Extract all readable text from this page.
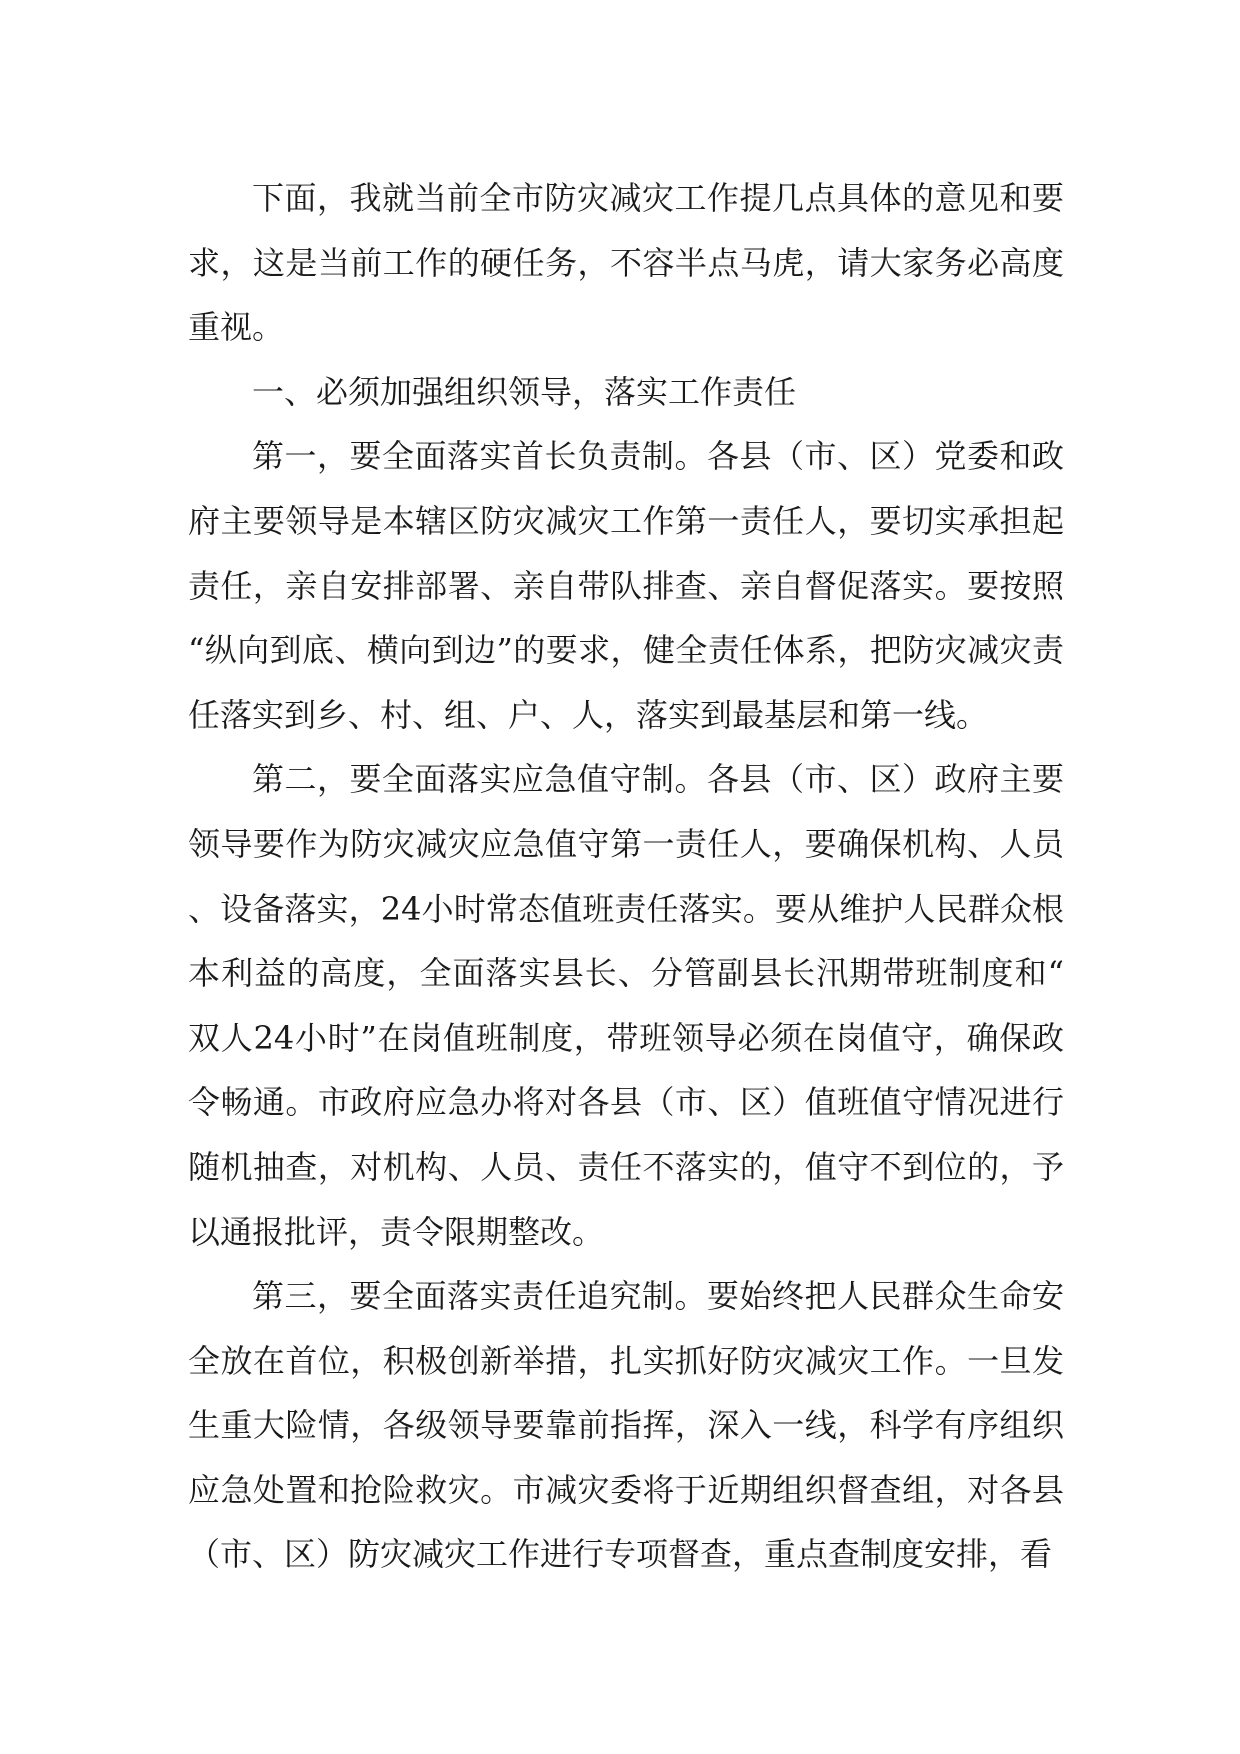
下面，我就当前全市防灾减灾工作提几点具体的意见和要求，这是当前工作的硬任务，不容半点马虎，请大家务必高度重视。

一、必须加强组织领导，落实工作责任

第一，要全面落实首长负责制。各县（市、区）党委和政府主要领导是本辖区防灾减灾工作第一责任人，要切实承担起责任，亲自安排部署、亲自带队排查、亲自督促落实。要按照“纵向到底、横向到边”的要求，健全责任体系，把防灾减灾责任落实到乡、村、组、户、人，落实到最基层和第一线。

第二，要全面落实应急值守制。各县（市、区）政府主要领导要作为防灾减灾应急值守第一责任人，要确保机构、人员、设备落实，24小时常态值班责任落实。要从维护人民群众根本利益的高度，全面落实县长、分管副县长汛期带班制度和“双人24小时”在岗值班制度，带班领导必须在岗值守，确保政令畅通。市政府应急办将对各县（市、区）值班值守情况进行随机抽查，对机构、人员、责任不落实的，值守不到位的，予以通报批评，责令限期整改。

第三，要全面落实责任追究制。要始终把人民群众生命安全放在首位，积极创新举措，扎实抓好防灾减灾工作。一旦发生重大险情，各级领导要靠前指挥，深入一线，科学有序组织应急处置和抢险救灾。市减灾委将于近期组织督查组，对各县（市、区）防灾减灾工作进行专项督查，重点查制度安排，看
